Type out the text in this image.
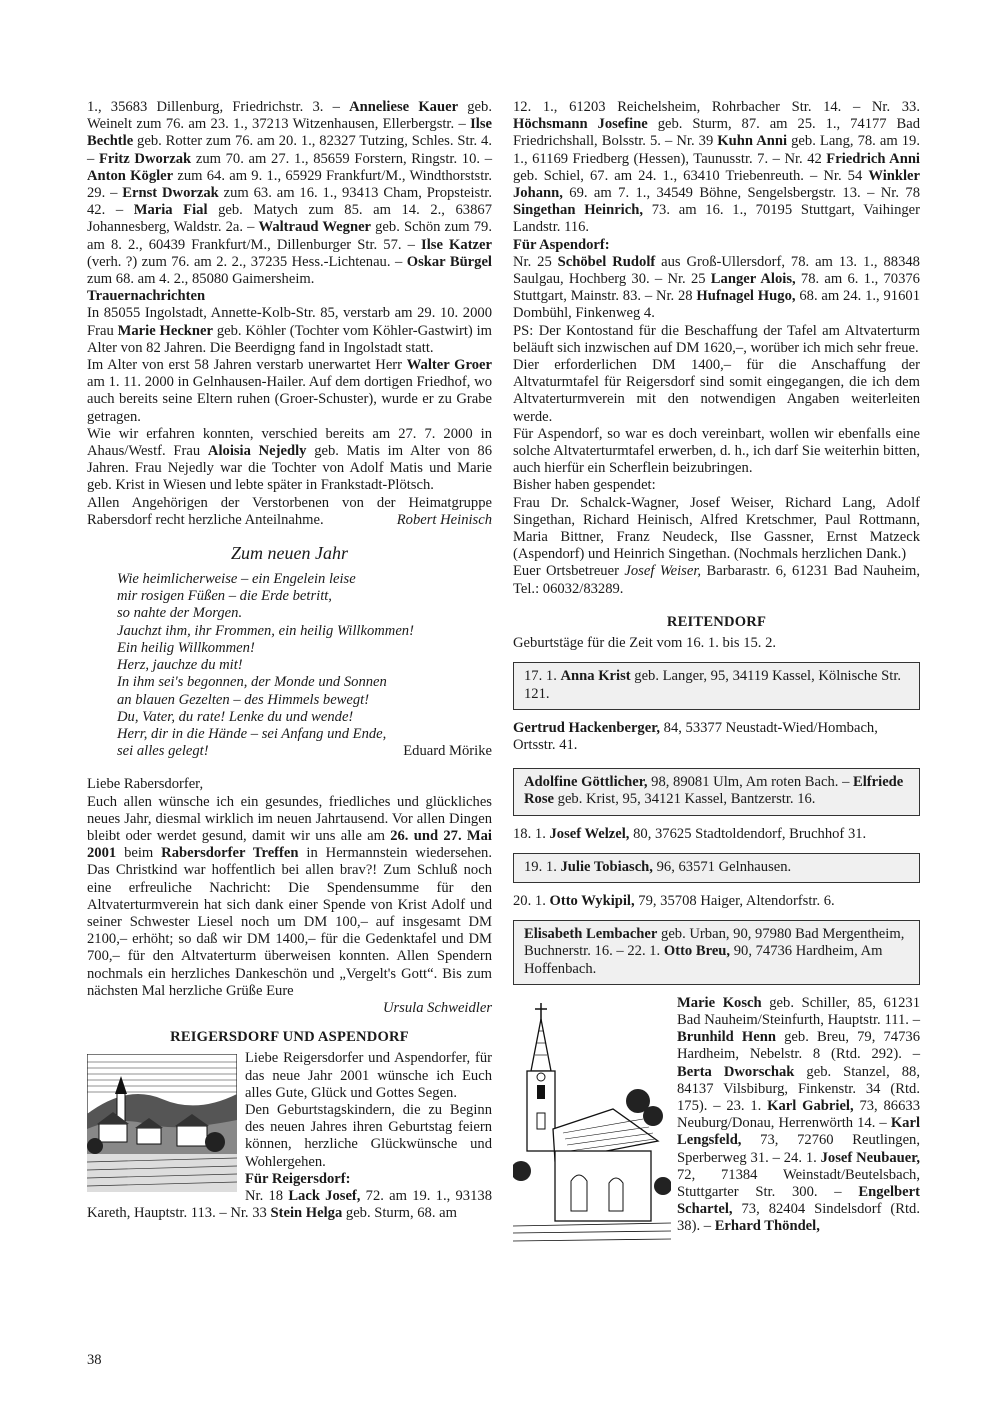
1., 35683 Dillenburg, Friedrichstr. 3. – Anneliese Kauer geb. Weinelt zum 76. am 23. 1., 37213 Witzenhausen, Ellerbergstr. – Ilse Bechtle geb. Rotter zum 76. am 20. 1., 82327 Tutzing, Schles. Str. 4. – Fritz Dworzak zum 70. am 27. 1., 85659 Forstern, Ringstr. 10. – Anton Kögler zum 64. am 9. 1., 65929 Frankfurt/M., Windthorststr. 29. – Ernst Dworzak zum 63. am 16. 1., 93413 Cham, Propsteistr. 42. – Maria Fial geb. Matych zum 85. am 14. 2., 63867 Johannesberg, Waldstr. 2a. – Waltraud Wegner geb. Schön zum 79. am 8. 2., 60439 Frankfurt/M., Dillenburger Str. 57. – Ilse Katzer (verh. ?) zum 76. am 2. 2., 37235 Hess.-Lichtenau. – Oskar Bürgel zum 68. am 4. 2., 85080 Gaimersheim.

Trauernachrichten

In 85055 Ingolstadt, Annette-Kolb-Str. 85, verstarb am 29. 10. 2000 Frau Marie Heckner geb. Köhler (Tochter vom Köhler-Gastwirt) im Alter von 82 Jahren. Die Beerdigng fand in Ingolstadt statt.

Im Alter von erst 58 Jahren verstarb unerwartet Herr Walter Groer am 1. 11. 2000 in Gelnhausen-Hailer. Auf dem dortigen Friedhof, wo auch bereits seine Eltern ruhen (Groer-Schuster), wurde er zu Grabe getragen.

Wie wir erfahren konnten, verschied bereits am 27. 7. 2000 in Ahaus/Westf. Frau Aloisia Nejedly geb. Matis im Alter von 86 Jahren. Frau Nejedly war die Tochter von Adolf Matis und Marie geb. Krist in Wiesen und lebte später in Frankstadt-Plötsch.

Allen Angehörigen der Verstorbenen von der Heimatgruppe Rabersdorf recht herzliche Anteilnahme.	Robert Heinisch

Zum neuen Jahr
Wie heimlicherweise – ein Engelein leise
mir rosigen Füßen – die Erde betritt,
so nahte der Morgen.
Jauchzt ihm, ihr Frommen, ein heilig Willkommen!
Ein heilig Willkommen!
Herz, jauchze du mit!
In ihm sei's begonnen, der Monde und Sonnen
an blauen Gezelten – des Himmels bewegt!
Du, Vater, du rate! Lenke du und wende!
Herr, dir in die Hände – sei Anfang und Ende,
sei alles gelegt!	Eduard Mörike

Liebe Rabersdorfer,

Euch allen wünsche ich ein gesundes, friedliches und glückliches neues Jahr, diesmal wirklich im neuen Jahrtausend. Vor allen Dingen bleibt oder werdet gesund, damit wir uns alle am 26. und 27. Mai 2001 beim Rabersdorfer Treffen in Hermannstein wiedersehen. Das Christkind war hoffentlich bei allen brav?! Zum Schluß noch eine erfreuliche Nachricht: Die Spendensumme für den Altvaterturmverein hat sich dank einer Spende von Krist Adolf und seiner Schwester Liesel noch um DM 100,– auf insgesamt DM 2100,– erhöht; so daß wir DM 1400,– für die Gedenktafel und DM 700,– für den Altvaterturm überweisen konnten. Allen Spendern nochmals ein herzliches Dankeschön und „Vergelt's Gott“. Bis zum nächsten Mal herzliche Grüße Eure

Ursula Schweidler

REIGERSDORF UND ASPENDORF

Liebe Reigersdorfer und Aspendorfer, für das neue Jahr 2001 wünsche ich Euch alles Gute, Glück und Gottes Segen.

Den Geburtstagskindern, die zu Beginn des neuen Jahres ihren Geburtstag feiern können, herzliche Glückwünsche und Wohlergehen.

Für Reigersdorf:

Nr. 18 Lack Josef, 72. am 19. 1., 93138 Kareth, Hauptstr. 113. – Nr. 33 Stein Helga geb. Sturm, 68. am

12. 1., 61203 Reichelsheim, Rohrbacher Str. 14. – Nr. 33. Höchsmann Josefine geb. Sturm, 87. am 25. 1., 74177 Bad Friedrichshall, Bolsstr. 5. – Nr. 39 Kuhn Anni geb. Lang, 78. am 19. 1., 61169 Friedberg (Hessen), Taunusstr. 7. – Nr. 42 Friedrich Anni geb. Schiel, 67. am 24. 1., 63410 Triebenreuth. – Nr. 54 Winkler Johann, 69. am 7. 1., 34549 Böhne, Sengelsbergstr. 13. – Nr. 78 Singethan Heinrich, 73. am 16. 1., 70195 Stuttgart, Vaihinger Landstr. 116.

Für Aspendorf:

Nr. 25 Schöbel Rudolf aus Groß-Ullersdorf, 78. am 13. 1., 88348 Saulgau, Hochberg 30. – Nr. 25 Langer Alois, 78. am 6. 1., 70376 Stuttgart, Mainstr. 83. – Nr. 28 Hufnagel Hugo, 68. am 24. 1., 91601 Dombühl, Finkenweg 4.

PS: Der Kontostand für die Beschaffung der Tafel am Altvaterturm beläuft sich inzwischen auf DM 1620,–, worüber ich mich sehr freue.

Dier erforderlichen DM 1400,– für die Anschaffung der Altvaturmtafel für Reigersdorf sind somit eingegangen, die ich dem Altvaterturmverein mit den notwendigen Angaben weiterleiten werde.

Für Aspendorf, so war es doch vereinbart, wollen wir ebenfalls eine solche Altvaterturmtafel erwerben, d. h., ich darf Sie weiterhin bitten, auch hierfür ein Scherflein beizubringen.

Bisher haben gespendet:

Frau Dr. Schalck-Wagner, Josef Weiser, Richard Lang, Adolf Singethan, Richard Heinisch, Alfred Kretschmer, Paul Rottmann, Maria Bittner, Franz Neudeck, Ilse Gassner, Ernst Matzeck (Aspendorf) und Heinrich Singethan. (Nochmals herzlichen Dank.)

Euer Ortsbetreuer Josef Weiser, Barbarastr. 6, 61231 Bad Nauheim, Tel.: 06032/83289.

REITENDORF

Geburtstäge für die Zeit vom 16. 1. bis 15. 2.

17. 1. Anna Krist geb. Langer, 95, 34119 Kassel, Kölnische Str. 121.

Gertrud Hackenberger, 84, 53377 Neustadt-Wied/Hombach, Ortsstr. 41.

Adolfine Göttlicher, 98, 89081 Ulm, Am roten Bach. – Elfriede Rose geb. Krist, 95, 34121 Kassel, Bantzerstr. 16.

18. 1. Josef Welzel, 80, 37625 Stadtoldendorf, Bruchhof 31.

19. 1. Julie Tobiasch, 96, 63571 Gelnhausen.

20. 1. Otto Wykipil, 79, 35708 Haiger, Altendorfstr. 6.

Elisabeth Lembacher geb. Urban, 90, 97980 Bad Mergentheim, Buchnerstr. 16. – 22. 1. Otto Breu, 90, 74736 Hardheim, Am Hoffenbach.

Marie Kosch geb. Schiller, 85, 61231 Bad Nauheim/Steinfurth, Hauptstr. 111. – Brunhild Henn geb. Breu, 79, 74736 Hardheim, Nebelstr. 8 (Rtd. 292). – Berta Dworschak geb. Stanzel, 88, 84137 Vilsbiburg, Finkenstr. 34 (Rtd. 175). – 23. 1. Karl Gabriel, 73, 86633 Neuburg/Donau, Herrenwörth 14. – Karl Lengsfeld, 73, 72760 Reutlingen, Sperberweg 31. – 24. 1. Josef Neubauer, 72, 71384 Weinstadt/Beutelsbach, Stuttgarter Str. 300. – Engelbert Schartel, 73, 82404 Sindelsdorf (Rtd. 38). – Erhard Thöndel,

38
